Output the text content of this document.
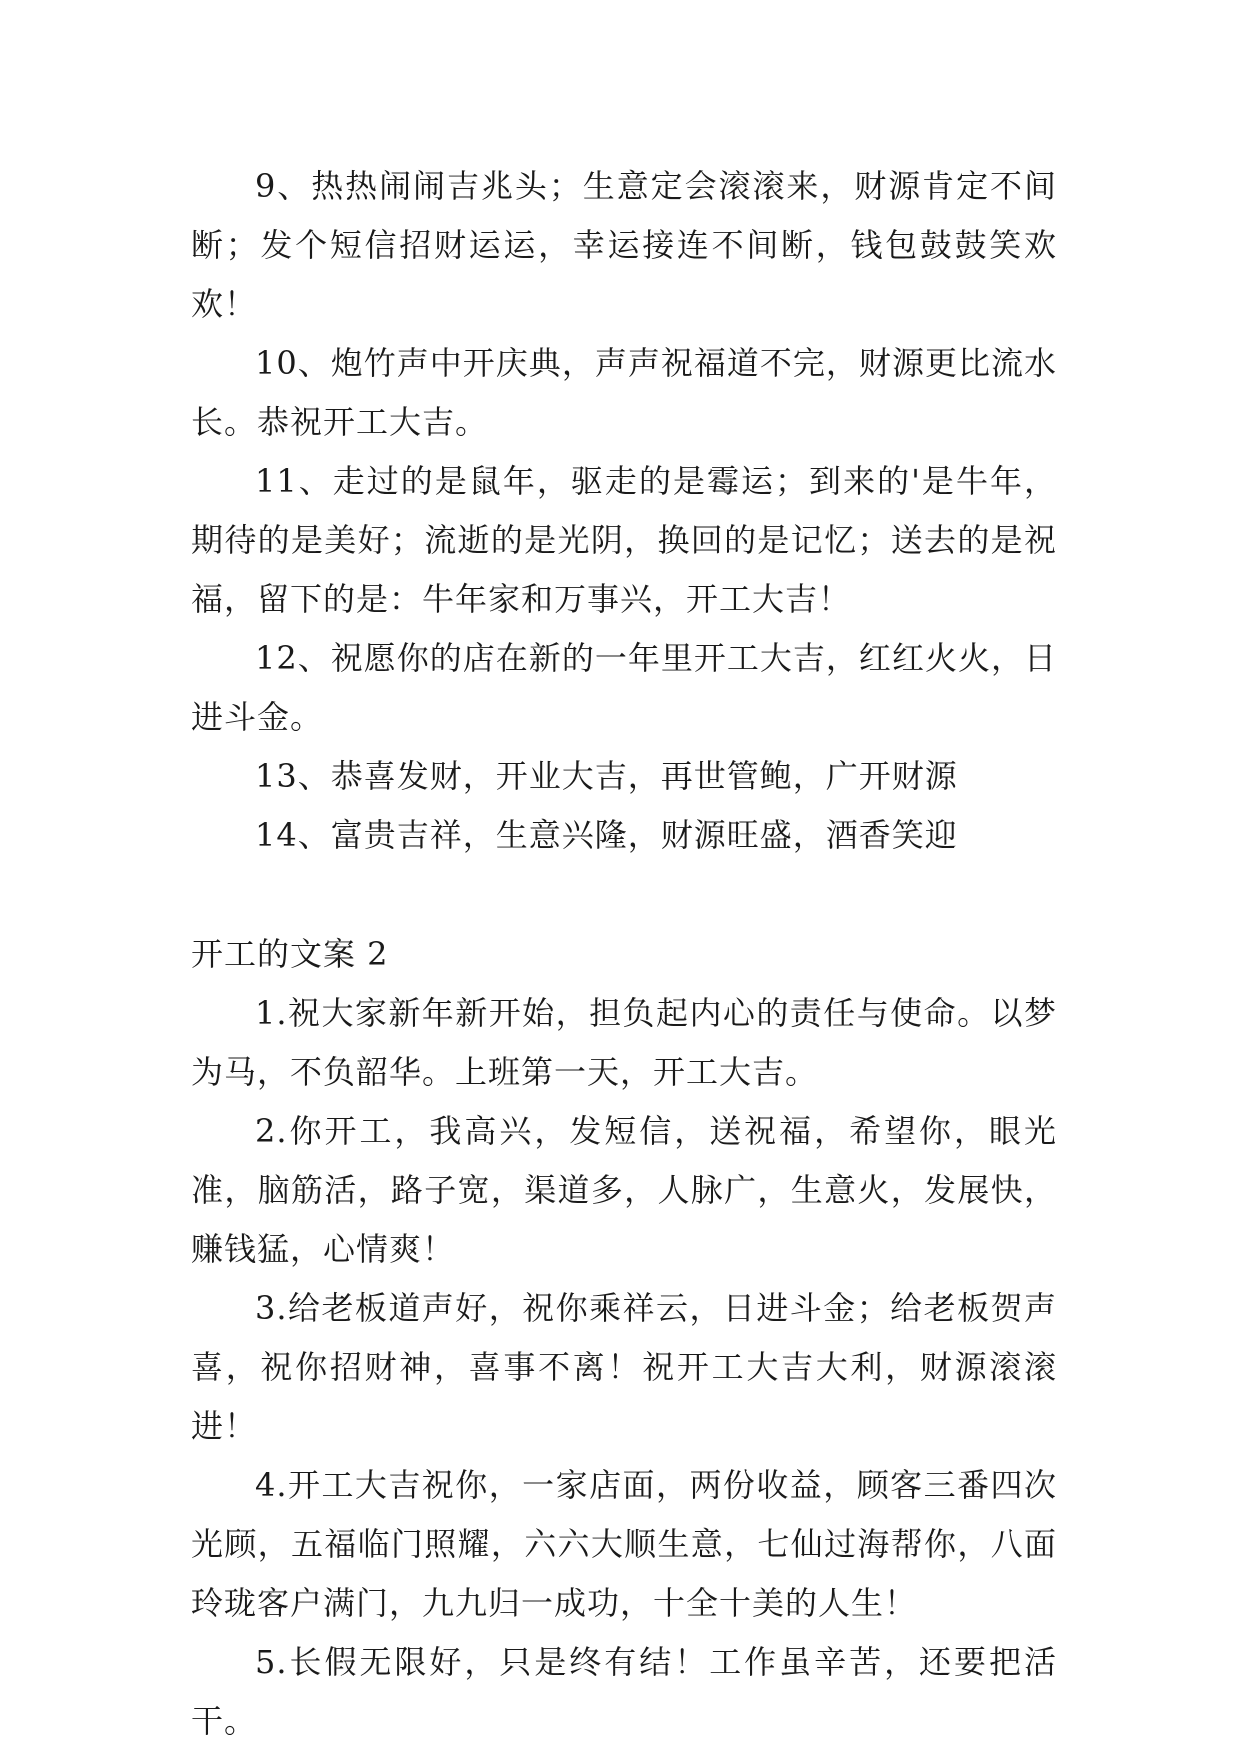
9、热热闹闹吉兆头；生意定会滚滚来，财源肯定不间断；发个短信招财运运，幸运接连不间断，钱包鼓鼓笑欢欢！

10、炮竹声中开庆典，声声祝福道不完，财源更比流水长。恭祝开工大吉。

11、走过的是鼠年，驱走的是霉运；到来的'是牛年，期待的是美好；流逝的是光阴，换回的是记忆；送去的是祝福，留下的是：牛年家和万事兴，开工大吉！

12、祝愿你的店在新的一年里开工大吉，红红火火，日进斗金。

13、恭喜发财，开业大吉，再世管鲍，广开财源

14、富贵吉祥，生意兴隆，财源旺盛，酒香笑迎

开工的文案 2

1.祝大家新年新开始，担负起内心的责任与使命。以梦为马，不负韶华。上班第一天，开工大吉。

2.你开工，我高兴，发短信，送祝福，希望你，眼光准，脑筋活，路子宽，渠道多，人脉广，生意火，发展快，赚钱猛，心情爽！

3.给老板道声好，祝你乘祥云，日进斗金；给老板贺声喜，祝你招财神，喜事不离！祝开工大吉大利，财源滚滚进！

4.开工大吉祝你，一家店面，两份收益，顾客三番四次光顾，五福临门照耀，六六大顺生意，七仙过海帮你，八面玲珑客户满门，九九归一成功，十全十美的人生！

5.长假无限好，只是终有结！工作虽辛苦，还要把活干。
